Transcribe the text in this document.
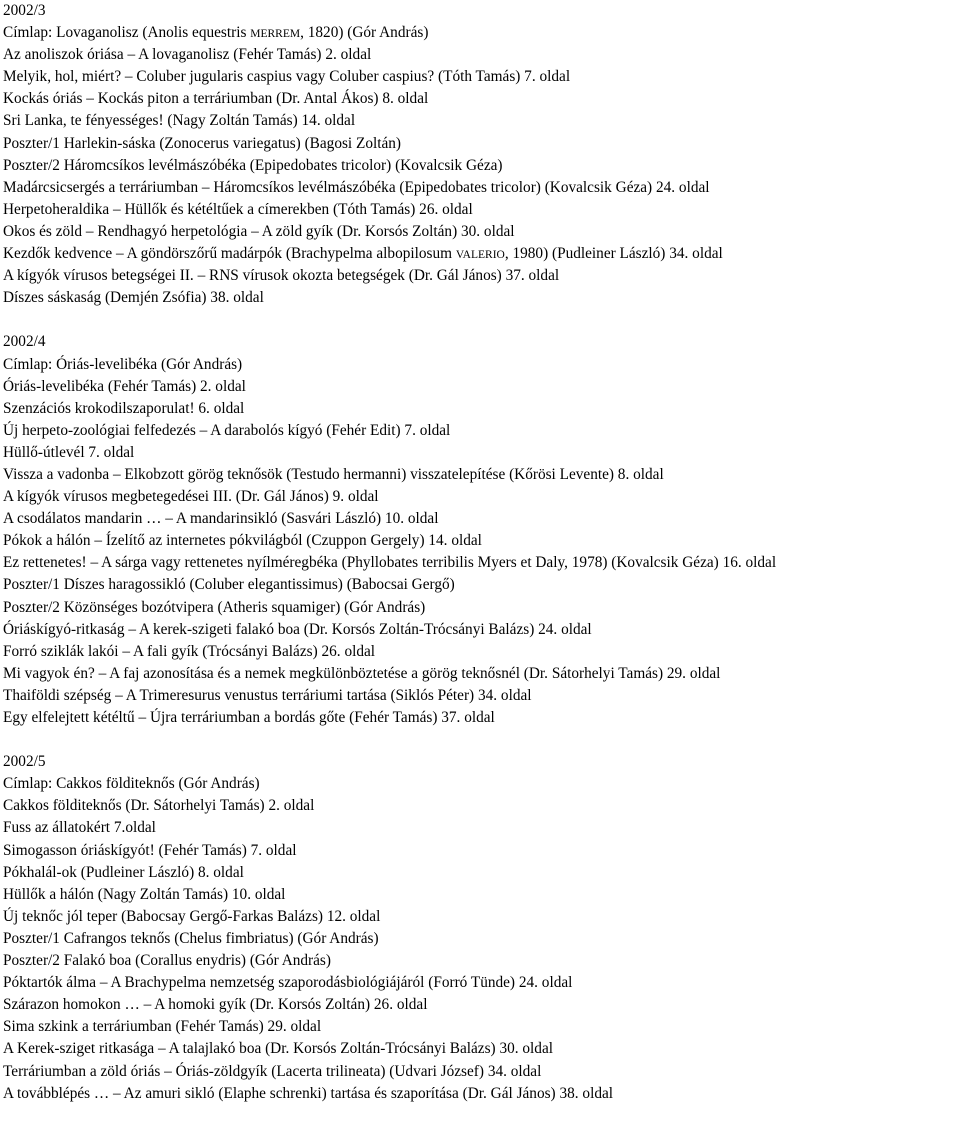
2002/3
Címlap: Lovaganolisz (Anolis equestris MERREM, 1820) (Gór András)
Az anoliszok óriása – A lovaganolisz (Fehér Tamás) 2. oldal
Melyik, hol, miért? – Coluber jugularis caspius vagy Coluber caspius? (Tóth Tamás) 7. oldal
Kockás óriás – Kockás piton a terráriumban (Dr. Antal Ákos) 8. oldal
Sri Lanka, te fényességes! (Nagy Zoltán Tamás) 14. oldal
Poszter/1 Harlekin-sáska (Zonocerus variegatus) (Bagosi Zoltán)
Poszter/2 Háromcsíkos levélmászóbéka (Epipedobates tricolor) (Kovalcsik Géza)
Madárcsicsergés a terráriumban – Háromcsíkos levélmászóbéka (Epipedobates tricolor) (Kovalcsik Géza) 24. oldal
Herpetoheraldika – Hüllők és kétéltűek a címerekben (Tóth Tamás) 26. oldal
Okos és zöld – Rendhagyó herpetológia – A zöld gyík (Dr. Korsós Zoltán) 30. oldal
Kezdők kedvence – A göndörszőrű madárpók (Brachypelma albopilosum VALERIO, 1980) (Pudleiner László) 34. oldal
A kígyók vírusos betegségei II. – RNS vírusok okozta betegségek (Dr. Gál János) 37. oldal
Díszes sáskaság (Demjén Zsófia) 38. oldal
2002/4
Címlap: Óriás-levelibéka (Gór András)
Óriás-levelibéka (Fehér Tamás) 2. oldal
Szenzációs krokodilszaporulat! 6. oldal
Új herpeto-zoológiai felfedezés – A darabolós kígyó (Fehér Edit) 7. oldal
Hüllő-útlevél 7. oldal
Vissza a vadonba – Elkobzott görög teknősök (Testudo hermanni) visszatelepítése (Kőrösi Levente) 8. oldal
A kígyók vírusos megbetegedései III. (Dr. Gál János) 9. oldal
A csodálatos mandarin … – A mandarinsikló (Sasvári László) 10. oldal
Pókok a hálón – Ízelítő az internetes pókvilágból (Czuppon Gergely) 14. oldal
Ez rettenetes! – A sárga vagy rettenetes nyílméregbéka (Phyllobates terribilis Myers et Daly, 1978) (Kovalcsik Géza) 16. oldal
Poszter/1 Díszes haragossikló (Coluber elegantissimus) (Babocsai Gergő)
Poszter/2 Közönséges bozótvipera (Atheris squamiger) (Gór András)
Óriáskígyó-ritkaság – A kerek-szigeti falakó boa (Dr. Korsós Zoltán-Trócsányi Balázs) 24. oldal
Forró sziklák lakói – A fali gyík (Trócsányi Balázs) 26. oldal
Mi vagyok én? – A faj azonosítása és a nemek megkülönböztetése a görög teknősnél (Dr. Sátorhelyi Tamás) 29. oldal
Thaiföldi szépség – A Trimeresurus venustus terráriumi tartása (Siklós Péter) 34. oldal
Egy elfelejtett kétéltű – Újra terráriumban a bordás gőte (Fehér Tamás) 37. oldal
2002/5
Címlap: Cakkos földiteknős (Gór András)
Cakkos földiteknős (Dr. Sátorhelyi Tamás) 2. oldal
Fuss az állatokért 7.oldal
Simogasson óriáskígyót! (Fehér Tamás) 7. oldal
Pókhalál-ok (Pudleiner László) 8. oldal
Hüllők a hálón (Nagy Zoltán Tamás) 10. oldal
Új teknőc jól teper (Babocsay Gergő-Farkas Balázs) 12. oldal
Poszter/1 Cafrangos teknős (Chelus fimbriatus) (Gór András)
Poszter/2 Falakó boa (Corallus enydris) (Gór András)
Póktartók álma – A Brachypelma nemzetség szaporodásbiológiájáról (Forró Tünde) 24. oldal
Szárazon homokon … – A homoki gyík (Dr. Korsós Zoltán) 26. oldal
Sima szkink a terráriumban (Fehér Tamás) 29. oldal
A Kerek-sziget ritkasága – A talajlakó boa (Dr. Korsós Zoltán-Trócsányi Balázs) 30. oldal
Terráriumban a zöld óriás – Óriás-zöldgyík (Lacerta trilineata) (Udvari József) 34. oldal
A továbblépés … – Az amuri sikló (Elaphe schrenki) tartása és szaporítása (Dr. Gál János) 38. oldal
